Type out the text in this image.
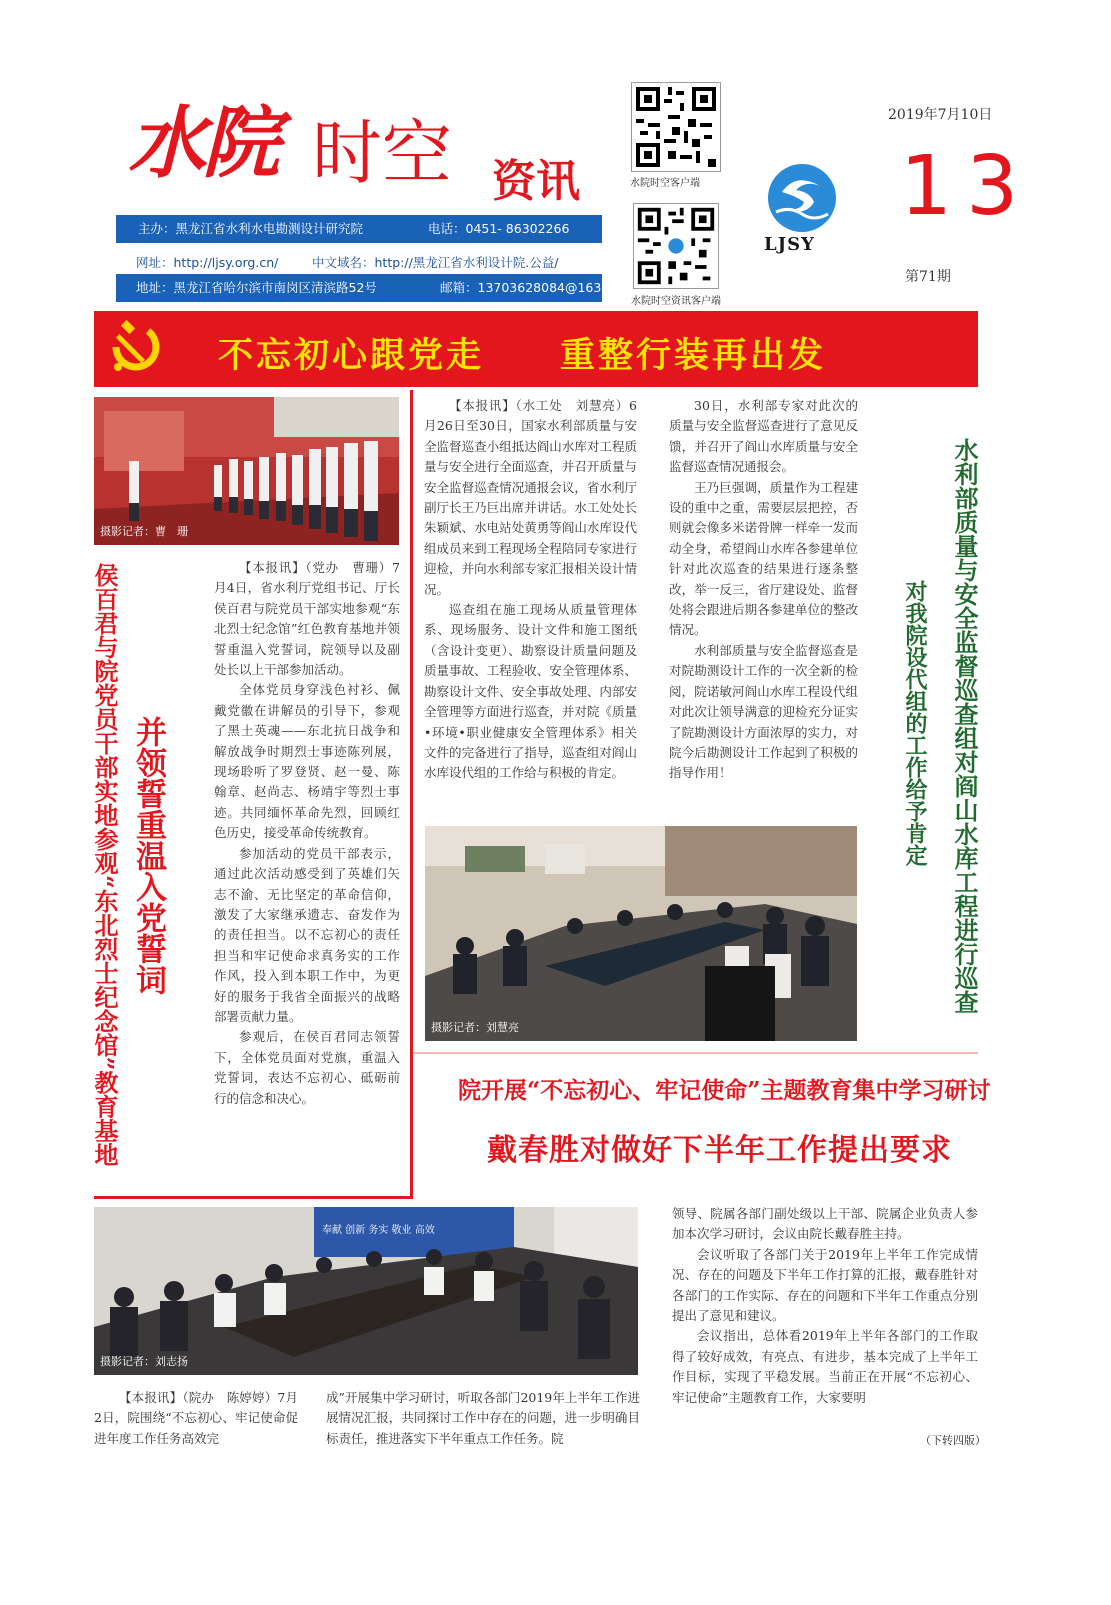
水院 时空 资讯
主办：黑龙江省水利水电勘测设计研究院	电话：0451- 86302266
网址：http://ljsy.org.cn/	中文域名：http://黑龙江省水利设计院.公益/
地址：黑龙江省哈尔滨市南岗区清滨路52号	邮箱：13703628084@163.com
水院时空客户端
水院时空资讯客户端
LJSY
2019年7月10日
13
第71期
不忘初心跟党走　　重整行装再出发
摄影记者：曹　珊
侯百君与院党员干部实地参观“东北烈士纪念馆”教育基地 并领誓重温入党誓词

【本报讯】（党办　曹珊）7月4日，省水利厅党组书记、厅长侯百君与院党员干部实地参观“东北烈士纪念馆”红色教育基地并领誓重温入党誓词，院领导以及副处长以上干部参加活动。

全体党员身穿浅色衬衫、佩戴党徽在讲解员的引导下，参观了黑土英魂——东北抗日战争和解放战争时期烈士事迹陈列展，现场聆听了罗登贤、赵一曼、陈翰章、赵尚志、杨靖宇等烈士事迹。共同缅怀革命先烈，回顾红色历史，接受革命传统教育。

参加活动的党员干部表示，通过此次活动感受到了英雄们矢志不渝、无比坚定的革命信仰，激发了大家继承遗志、奋发作为的责任担当。以不忘初心的责任担当和牢记使命求真务实的工作作风，投入到本职工作中，为更好的服务于我省全面振兴的战略部署贡献力量。

参观后，在侯百君同志领誓下，全体党员面对党旗，重温入党誓词，表达不忘初心、砥砺前行的信念和决心。

【本报讯】（水工处　刘慧亮）6月26日至30日，国家水利部质量与安全监督巡查小组抵达阎山水库对工程质量与安全进行全面巡查，并召开质量与安全监督巡查情况通报会议，省水利厅副厅长王乃巨出席并讲话。水工处处长朱颖斌、水电站处黄勇等阎山水库设代组成员来到工程现场全程陪同专家进行迎检，并向水利部专家汇报相关设计情况。

巡查组在施工现场从质量管理体系、现场服务、设计文件和施工图纸（含设计变更）、勘察设计质量问题及质量事故、工程验收、安全管理体系、勘察设计文件、安全事故处理、内部安全管理等方面进行巡查，并对院《质量•环境•职业健康安全管理体系》相关文件的完备进行了指导，巡查组对阎山水库设代组的工作给与积极的肯定。

30日，水利部专家对此次的质量与安全监督巡查进行了意见反馈，并召开了阎山水库质量与安全监督巡查情况通报会。

王乃巨强调，质量作为工程建设的重中之重，需要层层把控，否则就会像多米诺骨牌一样牵一发而动全身，希望阎山水库各参建单位针对此次巡查的结果进行逐条整改，举一反三，省厅建设处、监督处将会跟进后期各参建单位的整改情况。

水利部质量与安全监督巡查是对院勘测设计工作的一次全新的检阅，院诺敏河阎山水库工程设代组对此次让领导满意的迎检充分证实了院勘测设计方面浓厚的实力，对院今后勘测设计工作起到了积极的指导作用！	水利部质量与安全监督巡查组对阎山水库工程进行巡查
对我院设代组的工作给予肯定
摄影记者：刘慧亮
院开展“不忘初心、牢记使命”主题教育集中学习研讨
戴春胜对做好下半年工作提出要求
奉献 创新 务实 敬业 高效
摄影记者：刘志扬

【本报讯】（院办　陈婷婷）7月2日，院围绕“不忘初心、牢记使命促进年度工作任务高效完

成”开展集中学习研讨，听取各部门2019年上半年工作进展情况汇报，共同探讨工作中存在的问题，进一步明确目标责任，推进落实下半年重点工作任务。院

领导、院属各部门副处级以上干部、院属企业负责人参加本次学习研讨，会议由院长戴春胜主持。

会议听取了各部门关于2019年上半年工作完成情况、存在的问题及下半年工作打算的汇报，戴春胜针对各部门的工作实际、存在的问题和下半年工作重点分别提出了意见和建议。

会议指出，总体看2019年上半年各部门的工作取得了较好成效，有亮点、有进步，基本完成了上半年工作目标，实现了平稳发展。当前正在开展“不忘初心、牢记使命”主题教育工作，大家要明

（下转四版）
